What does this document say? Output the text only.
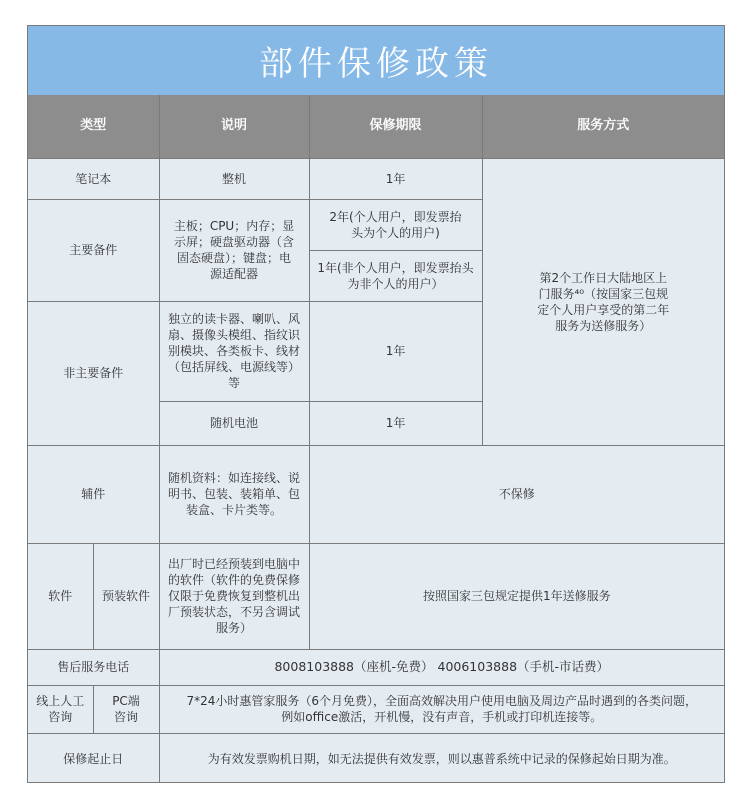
部件保修政策
类型		说明	保修期限	服务方式
笔记本		整机	1年	第2个工作日大陆地区上门服务⁴⁰（按国家三包规定个人用户享受的第二年服务为送修服务）
主要备件		主板；CPU；内存；显示屏；硬盘驱动器（含固态硬盘）；键盘；电源适配器	2年(个人用户，即发票抬头为个人的用户)	
			1年(非个人用户，即发票抬头为非个人的用户）	
非主要备件		独立的读卡器、喇叭、风扇、摄像头模组、指纹识别模块、各类板卡、线材（包括屏线、电源线等）等	1年	
		随机电池	1年	
辅件		随机资料：如连接线、说明书、包装、装箱单、包装盒、卡片类等。	不保修	
软件	预装软件	出厂时已经预装到电脑中的软件（软件的免费保修仅限于免费恢复到整机出厂预装状态，不另含调试服务）	按照国家三包规定提供1年送修服务	
售后服务电话		8008103888（座机-免费） 4006103888（手机-市话费）		
线上人工咨询	PC端咨询	7*24小时惠管家服务（6个月免费），全面高效解决用户使用电脑及周边产品时遇到的各类问题，例如office激活，开机慢，没有声音，手机或打印机连接等。		
保修起止日		为有效发票购机日期，如无法提供有效发票，则以惠普系统中记录的保修起始日期为准。		
